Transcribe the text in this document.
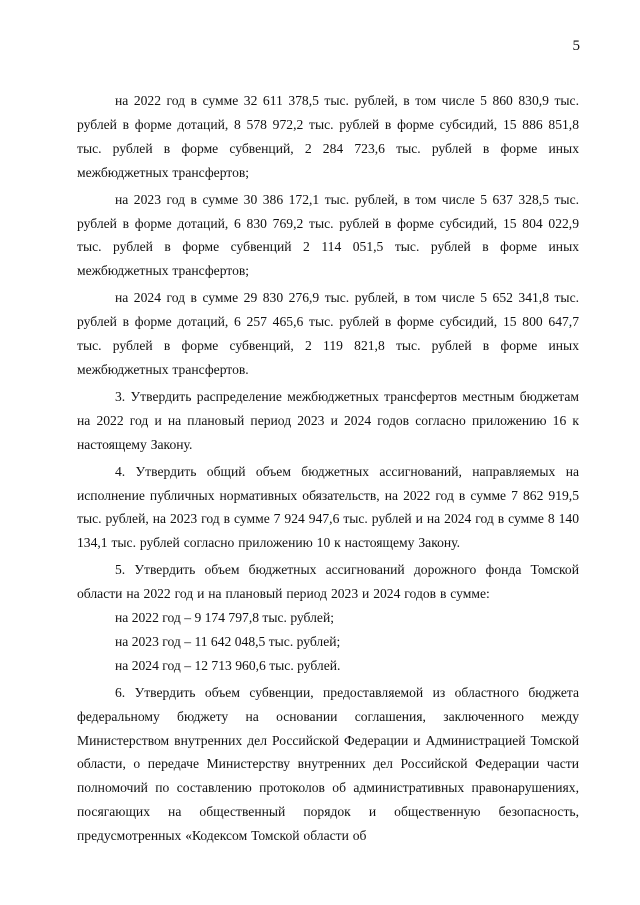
5

на 2022 год в сумме 32 611 378,5 тыс. рублей, в том числе 5 860 830,9 тыс. рублей в форме дотаций, 8 578 972,2 тыс. рублей в форме субсидий, 15 886 851,8 тыс. рублей в форме субвенций, 2 284 723,6 тыс. рублей в форме иных межбюджетных трансфертов;

на 2023 год в сумме 30 386 172,1 тыс. рублей, в том числе 5 637 328,5 тыс. рублей в форме дотаций, 6 830 769,2 тыс. рублей в форме субсидий, 15 804 022,9 тыс. рублей в форме субвенций 2 114 051,5 тыс. рублей в форме иных межбюджетных трансфертов;

на 2024 год в сумме 29 830 276,9 тыс. рублей, в том числе 5 652 341,8 тыс. рублей в форме дотаций, 6 257 465,6 тыс. рублей в форме субсидий, 15 800 647,7 тыс. рублей в форме субвенций, 2 119 821,8 тыс. рублей в форме иных межбюджетных трансфертов.

3. Утвердить распределение межбюджетных трансфертов местным бюджетам на 2022 год и на плановый период 2023 и 2024 годов согласно приложению 16 к настоящему Закону.

4. Утвердить общий объем бюджетных ассигнований, направляемых на исполнение публичных нормативных обязательств, на 2022 год в сумме 7 862 919,5 тыс. рублей, на 2023 год в сумме 7 924 947,6 тыс. рублей и на 2024 год в сумме 8 140 134,1 тыс. рублей согласно приложению 10 к настоящему Закону.

5. Утвердить объем бюджетных ассигнований дорожного фонда Томской области на 2022 год и на плановый период 2023 и 2024 годов в сумме:

на 2022 год – 9 174 797,8 тыс. рублей;

на 2023 год – 11 642 048,5 тыс. рублей;

на 2024 год – 12 713 960,6 тыс. рублей.

6. Утвердить объем субвенции, предоставляемой из областного бюджета федеральному бюджету на основании соглашения, заключенного между Министерством внутренних дел Российской Федерации и Администрацией Томской области, о передаче Министерству внутренних дел Российской Федерации части полномочий по составлению протоколов об административных правонарушениях, посягающих на общественный порядок и общественную безопасность, предусмотренных «Кодексом Томской области об
